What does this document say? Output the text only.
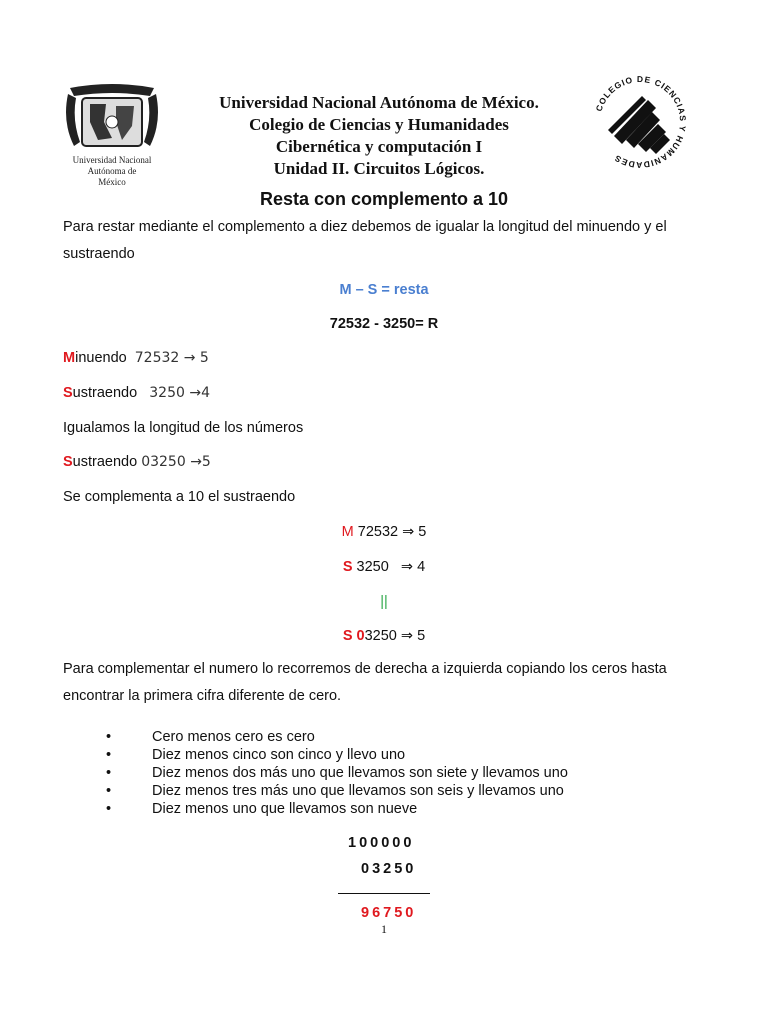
Universidad Nacional
Autónoma de
México
COLEGIO DE CIENCIAS Y HUMANIDADES
Universidad Nacional Autónoma de México.
Colegio de Ciencias y Humanidades
Cibernética y computación I
Unidad II. Circuitos Lógicos.
Resta con complemento a 10
Para restar mediante el complemento a diez debemos de igualar la longitud del minuendo y el sustraendo
M – S = resta
72532 - 3250= R
Minuendo 72532 → 5
Sustraendo 3250 →4
Igualamos la longitud de los números
Sustraendo 03250 →5
Se complementa a 10 el sustraendo
M 72532 ⇒ 5
S 3250   ⇒ 4
||
S 03250 ⇒ 5
Para complementar el numero lo recorremos de derecha a izquierda copiando los ceros hasta encontrar la primera cifra diferente de cero.
•	Cero menos cero es cero
•	Diez menos cinco son cinco y llevo uno
•	Diez menos dos más uno que llevamos son siete y llevamos uno
•	Diez menos tres más uno que llevamos son seis y llevamos uno
•	Diez menos uno que llevamos son nueve
100000
03250
96750
1
